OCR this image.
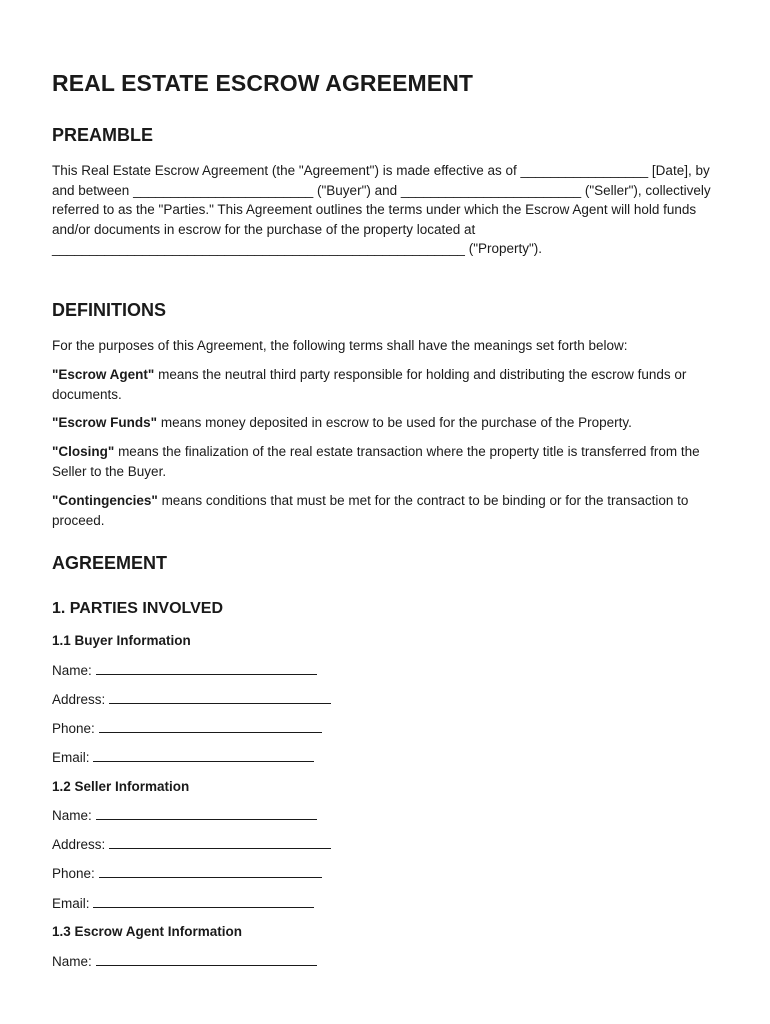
REAL ESTATE ESCROW AGREEMENT
PREAMBLE

This Real Estate Escrow Agreement (the "Agreement") is made effective as of _________________ [Date], by and between ________________________ ("Buyer") and ________________________ ("Seller"), collectively referred to as the "Parties." This Agreement outlines the terms under which the Escrow Agent will hold funds and/or documents in escrow for the purchase of the property located at _______________________________________________________ ("Property").

DEFINITIONS

For the purposes of this Agreement, the following terms shall have the meanings set forth below:

"Escrow Agent" means the neutral third party responsible for holding and distributing the escrow funds or documents.

"Escrow Funds" means money deposited in escrow to be used for the purchase of the Property.

"Closing" means the finalization of the real estate transaction where the property title is transferred from the Seller to the Buyer.

"Contingencies" means conditions that must be met for the contract to be binding or for the transaction to proceed.

AGREEMENT
1. PARTIES INVOLVED
1.1 Buyer Information
Name:
Address:
Phone:
Email:
1.2 Seller Information
Name:
Address:
Phone:
Email:
1.3 Escrow Agent Information
Name:
